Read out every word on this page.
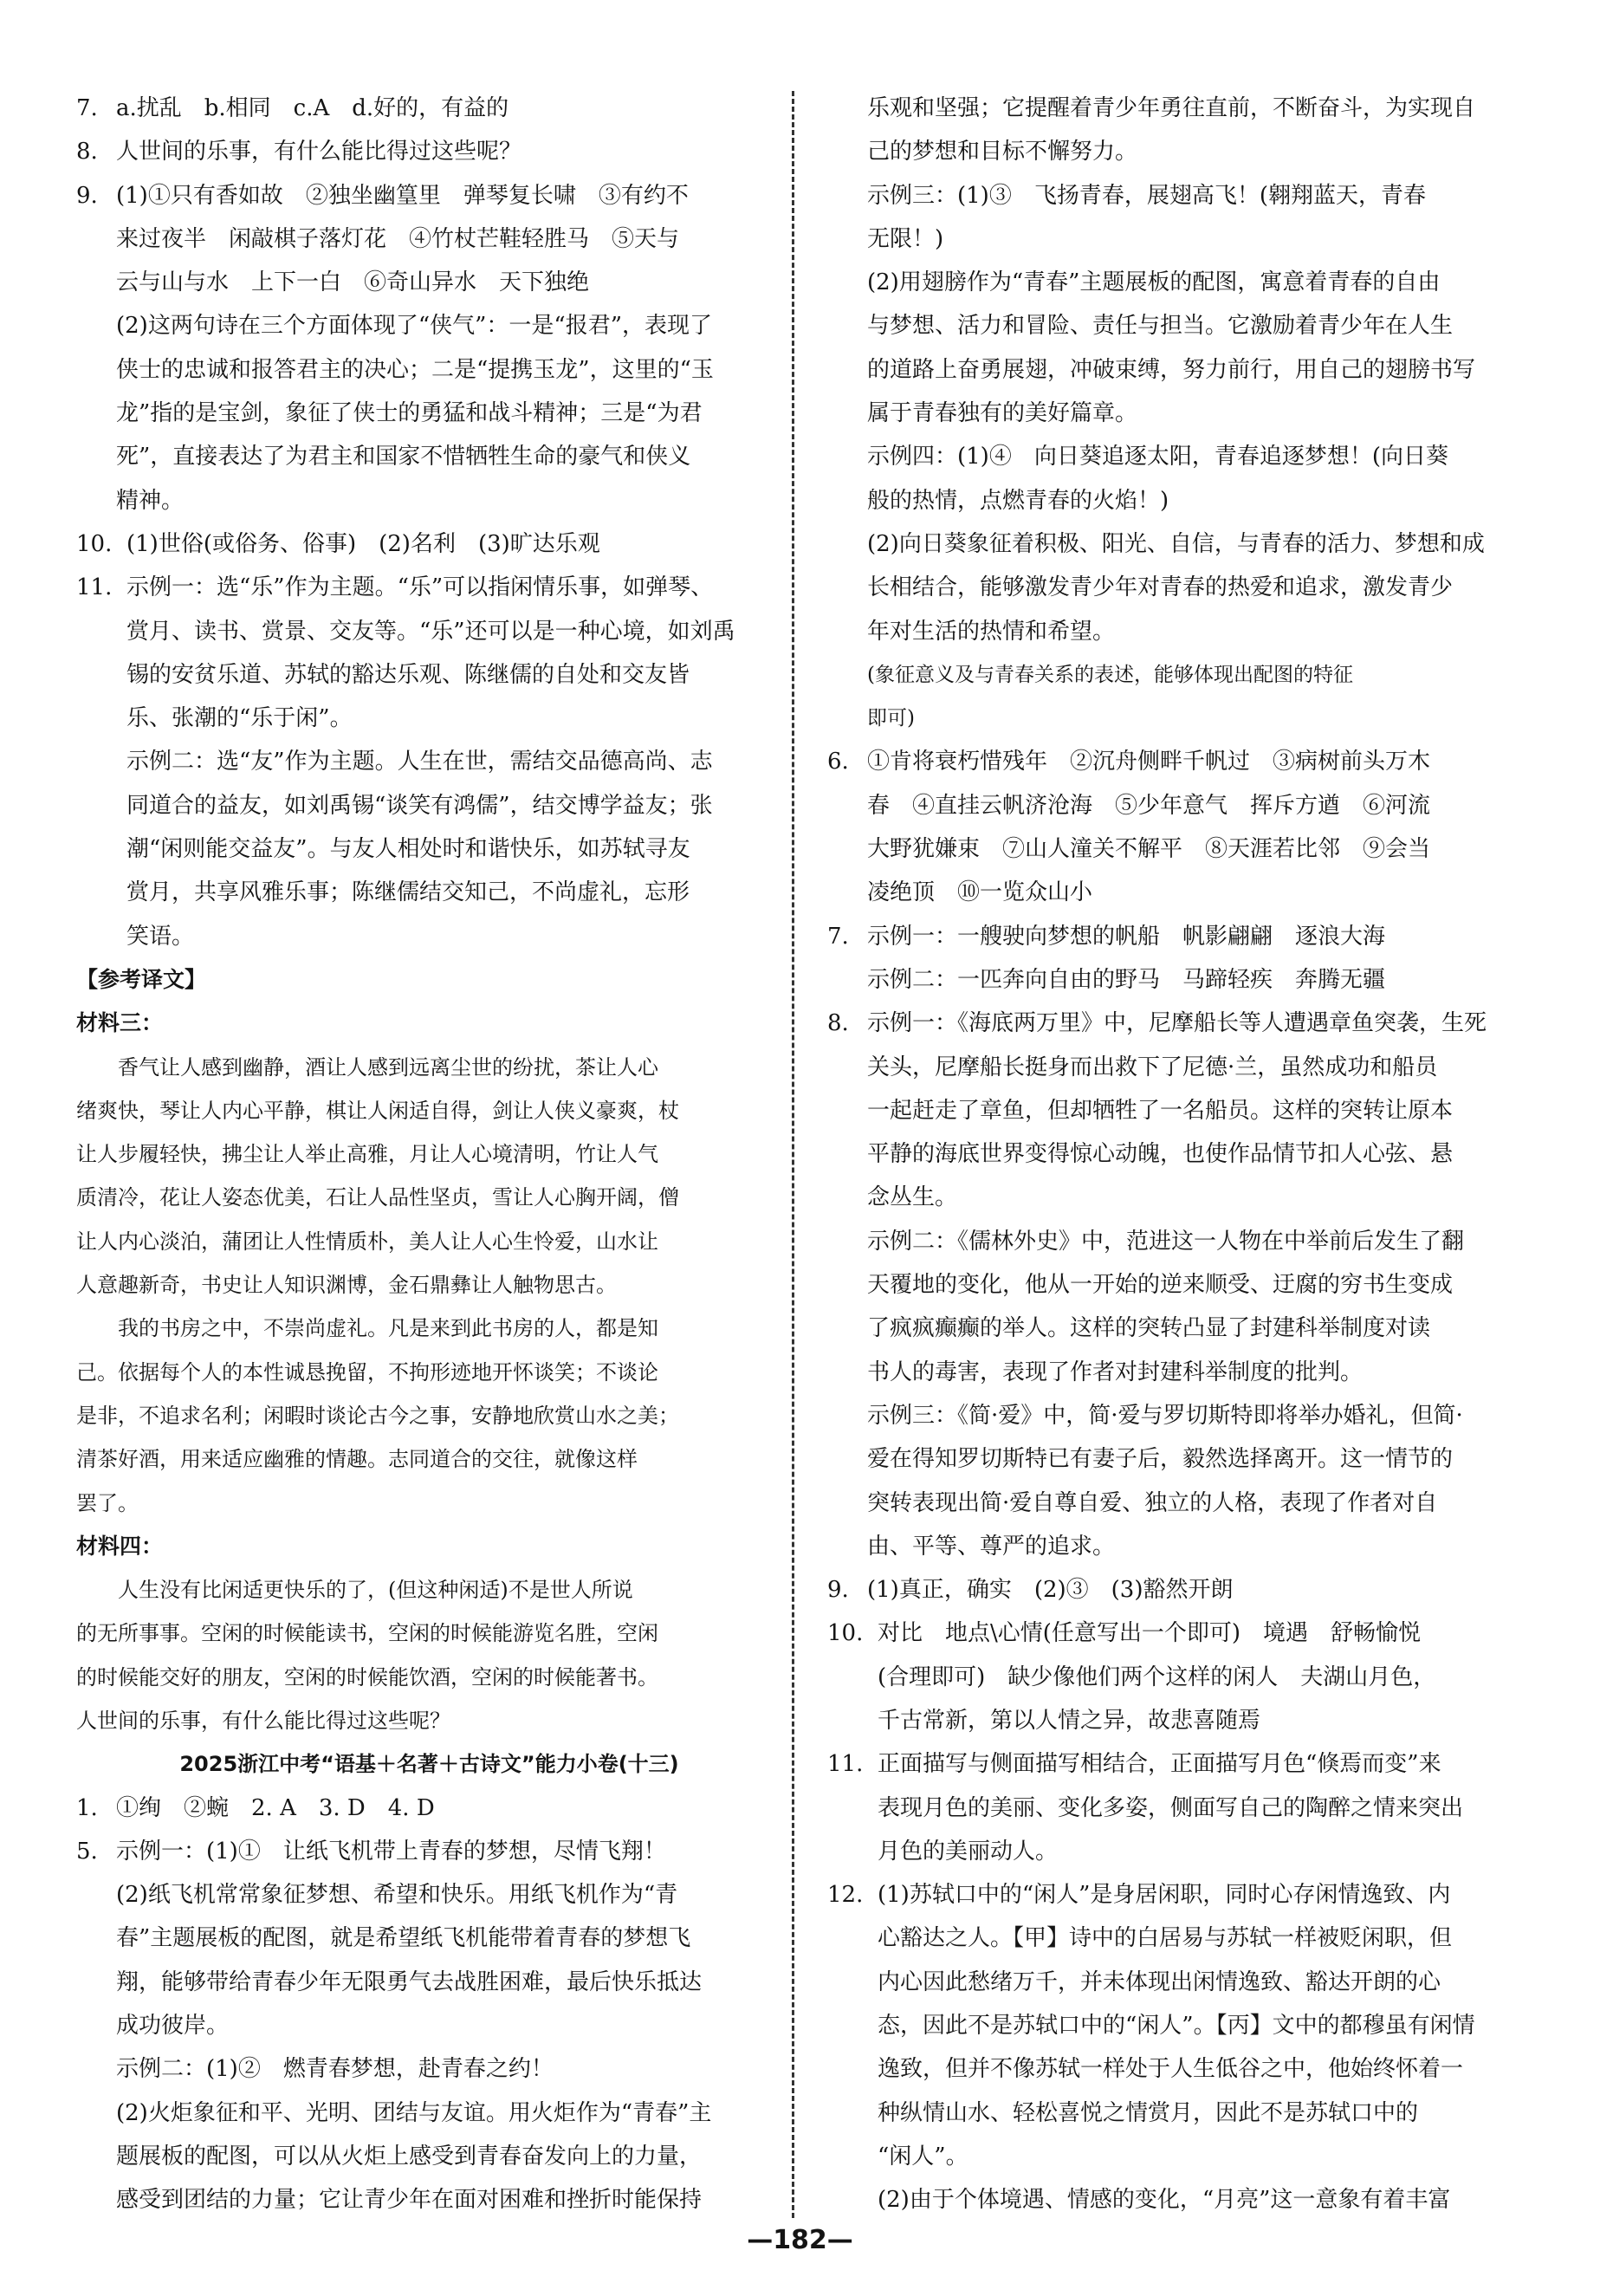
7. a.扰乱　b.相同　c.A　d.好的，有益的
8. 人世间的乐事，有什么能比得过这些呢？
9. (1)①只有香如故　②独坐幽篁里　弹琴复长啸　③有约不
来过夜半　闲敲棋子落灯花　④竹杖芒鞋轻胜马　⑤天与
云与山与水　上下一白　⑥奇山异水　天下独绝
(2)这两句诗在三个方面体现了“侠气”：一是“报君”，表现了
侠士的忠诚和报答君主的决心；二是“提携玉龙”，这里的“玉
龙”指的是宝剑，象征了侠士的勇猛和战斗精神；三是“为君
死”，直接表达了为君主和国家不惜牺牲生命的豪气和侠义
精神。
10. (1)世俗(或俗务、俗事)　(2)名利　(3)旷达乐观
11. 示例一：选“乐”作为主题。“乐”可以指闲情乐事，如弹琴、
赏月、读书、赏景、交友等。“乐”还可以是一种心境，如刘禹
锡的安贫乐道、苏轼的豁达乐观、陈继儒的自处和交友皆
乐、张潮的“乐于闲”。
示例二：选“友”作为主题。人生在世，需结交品德高尚、志
同道合的益友，如刘禹锡“谈笑有鸿儒”，结交博学益友；张
潮“闲则能交益友”。与友人相处时和谐快乐，如苏轼寻友
赏月，共享风雅乐事；陈继儒结交知己，不尚虚礼，忘形
笑语。
【参考译文】
材料三：
香气让人感到幽静，酒让人感到远离尘世的纷扰，茶让人心
绪爽快，琴让人内心平静，棋让人闲适自得，剑让人侠义豪爽，杖
让人步履轻快，拂尘让人举止高雅，月让人心境清明，竹让人气
质清冷，花让人姿态优美，石让人品性坚贞，雪让人心胸开阔，僧
让人内心淡泊，蒲团让人性情质朴，美人让人心生怜爱，山水让
人意趣新奇，书史让人知识渊博，金石鼎彝让人触物思古。
我的书房之中，不崇尚虚礼。凡是来到此书房的人，都是知
己。依据每个人的本性诚恳挽留，不拘形迹地开怀谈笑；不谈论
是非，不追求名利；闲暇时谈论古今之事，安静地欣赏山水之美；
清茶好酒，用来适应幽雅的情趣。志同道合的交往，就像这样
罢了。
材料四：
人生没有比闲适更快乐的了，(但这种闲适)不是世人所说
的无所事事。空闲的时候能读书，空闲的时候能游览名胜，空闲
的时候能交好的朋友，空闲的时候能饮酒，空闲的时候能著书。
人世间的乐事，有什么能比得过这些呢？
2025浙江中考“语基＋名著＋古诗文”能力小卷(十三)
1. ①绚　②蜿　2. A　3. D　4. D
5. 示例一：(1)①　让纸飞机带上青春的梦想，尽情飞翔！
(2)纸飞机常常象征梦想、希望和快乐。用纸飞机作为“青
春”主题展板的配图，就是希望纸飞机能带着青春的梦想飞
翔，能够带给青春少年无限勇气去战胜困难，最后快乐抵达
成功彼岸。
示例二：(1)②　燃青春梦想，赴青春之约！
(2)火炬象征和平、光明、团结与友谊。用火炬作为“青春”主
题展板的配图，可以从火炬上感受到青春奋发向上的力量，
感受到团结的力量；它让青少年在面对困难和挫折时能保持
乐观和坚强；它提醒着青少年勇往直前，不断奋斗，为实现自
己的梦想和目标不懈努力。
示例三：(1)③　飞扬青春，展翅高飞！(翱翔蓝天，青春
无限！)
(2)用翅膀作为“青春”主题展板的配图，寓意着青春的自由
与梦想、活力和冒险、责任与担当。它激励着青少年在人生
的道路上奋勇展翅，冲破束缚，努力前行，用自己的翅膀书写
属于青春独有的美好篇章。
示例四：(1)④　向日葵追逐太阳，青春追逐梦想！(向日葵
般的热情，点燃青春的火焰！)
(2)向日葵象征着积极、阳光、自信，与青春的活力、梦想和成
长相结合，能够激发青少年对青春的热爱和追求，激发青少
年对生活的热情和希望。
(象征意义及与青春关系的表述，能够体现出配图的特征
即可)
6. ①肯将衰朽惜残年　②沉舟侧畔千帆过　③病树前头万木
春　④直挂云帆济沧海　⑤少年意气　挥斥方遒　⑥河流
大野犹嫌束　⑦山人潼关不解平　⑧天涯若比邻　⑨会当
凌绝顶　⑩一览众山小
7. 示例一：一艘驶向梦想的帆船　帆影翩翩　逐浪大海
示例二：一匹奔向自由的野马　马蹄轻疾　奔腾无疆
8. 示例一：《海底两万里》中，尼摩船长等人遭遇章鱼突袭，生死
关头，尼摩船长挺身而出救下了尼德·兰，虽然成功和船员
一起赶走了章鱼，但却牺牲了一名船员。这样的突转让原本
平静的海底世界变得惊心动魄，也使作品情节扣人心弦、悬
念丛生。
示例二：《儒林外史》中，范进这一人物在中举前后发生了翻
天覆地的变化，他从一开始的逆来顺受、迂腐的穷书生变成
了疯疯癫癫的举人。这样的突转凸显了封建科举制度对读
书人的毒害，表现了作者对封建科举制度的批判。
示例三：《简·爱》中，简·爱与罗切斯特即将举办婚礼，但简·
爱在得知罗切斯特已有妻子后，毅然选择离开。这一情节的
突转表现出简·爱自尊自爱、独立的人格，表现了作者对自
由、平等、尊严的追求。
9. (1)真正，确实　(2)③　(3)豁然开朗
10. 对比　地点\心情(任意写出一个即可)　境遇　舒畅愉悦
(合理即可)　缺少像他们两个这样的闲人　夫湖山月色，
千古常新，第以人情之异，故悲喜随焉
11. 正面描写与侧面描写相结合，正面描写月色“倏焉而变”来
表现月色的美丽、变化多姿，侧面写自己的陶醉之情来突出
月色的美丽动人。
12. (1)苏轼口中的“闲人”是身居闲职，同时心存闲情逸致、内
心豁达之人。【甲】诗中的白居易与苏轼一样被贬闲职，但
内心因此愁绪万千，并未体现出闲情逸致、豁达开朗的心
态，因此不是苏轼口中的“闲人”。【丙】文中的都穆虽有闲情
逸致，但并不像苏轼一样处于人生低谷之中，他始终怀着一
种纵情山水、轻松喜悦之情赏月，因此不是苏轼口中的
“闲人”。
(2)由于个体境遇、情感的变化，“月亮”这一意象有着丰富
—182—
